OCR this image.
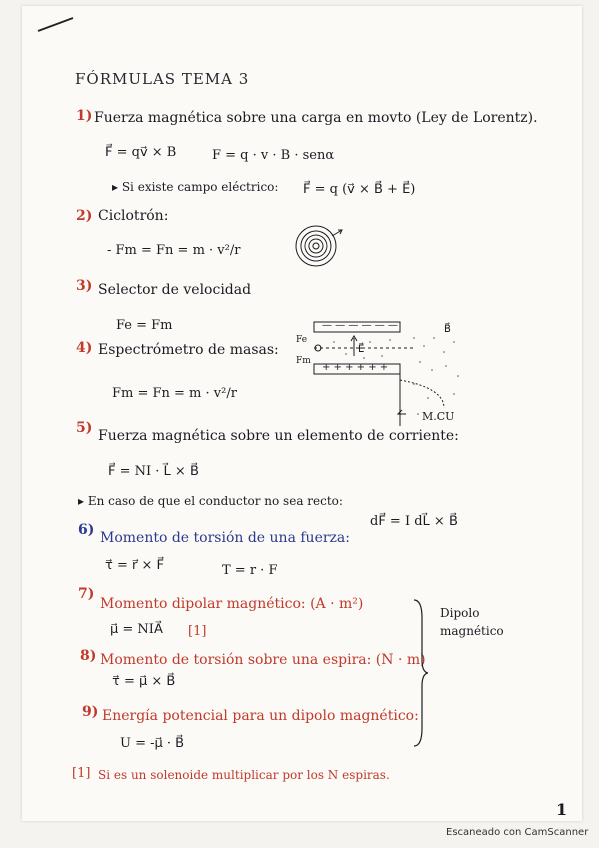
FÓRMULAS TEMA 3
1) Fuerza magnética sobre una carga en movto (Ley de Lorentz).
F⃗ = qv⃗ × B	F = q · v · B · senα
▸ Si existe campo eléctrico: F⃗ = q (v⃗ × B⃗ + E⃗)
2) Ciclotrón:
- Fm = Fn = m · v²/r
3) Selector de velocidad
Fe = Fm
4) Espectrómetro de masas:
Fm = Fn = m · v²/r
— — — — — —
+ + + + + +
Fe
Fm
E⃗
B⃗
M.CU
5) Fuerza magnética sobre un elemento de corriente:
F⃗ = NI · L⃗ × B⃗
▸ En caso de que el conductor no sea recto:
dF⃗ = I dL⃗ × B⃗
6) Momento de torsión de una fuerza:
τ⃗ = r⃗ × F⃗	T = r · F
7)
Momento dipolar magnético: (A · m²)
μ⃗ = NIA⃗ [1]
8) Momento de torsión sobre una espira: (N · m)
τ⃗ = μ⃗ × B⃗
9) Energía potencial para un dipolo magnético:
U = -μ⃗ · B⃗
Dipolo
magnético
[1] Si es un solenoide multiplicar por los N espiras.
1
Escaneado con CamScanner
